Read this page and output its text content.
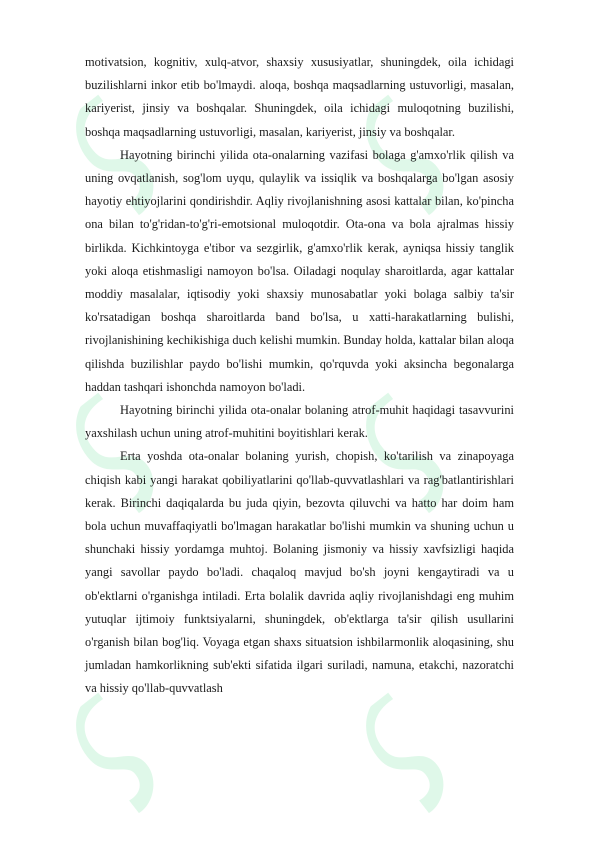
motivatsion, kognitiv, xulq-atvor, shaxsiy xususiyatlar, shuningdek, oila ichidagi buzilishlarni inkor etib bo'lmaydi. aloqa, boshqa maqsadlarning ustuvorligi, masalan, kariyerist, jinsiy va boshqalar. Shuningdek, oila ichidagi muloqotning buzilishi, boshqa maqsadlarning ustuvorligi, masalan, kariyerist, jinsiy va boshqalar.

Hayotning birinchi yilida ota-onalarning vazifasi bolaga g'amxo'rlik qilish va uning ovqatlanish, sog'lom uyqu, qulaylik va issiqlik va boshqalarga bo'lgan asosiy hayotiy ehtiyojlarini qondirishdir. Aqliy rivojlanishning asosi kattalar bilan, ko'pincha ona bilan to'g'ridan-to'g'ri-emotsional muloqotdir. Ota-ona va bola ajralmas hissiy birlikda. Kichkintoyga e'tibor va sezgirlik, g'amxo'rlik kerak, ayniqsa hissiy tanglik yoki aloqa etishmasligi namoyon bo'lsa. Oiladagi noqulay sharoitlarda, agar kattalar moddiy masalalar, iqtisodiy yoki shaxsiy munosabatlar yoki bolaga salbiy ta'sir ko'rsatadigan boshqa sharoitlarda band bo'lsa, u xatti-harakatlarning bulishi, rivojlanishining kechikishiga duch kelishi mumkin. Bunday holda, kattalar bilan aloqa qilishda buzilishlar paydo bo'lishi mumkin, qo'rquvda yoki aksincha begonalarga haddan tashqari ishonchda namoyon bo'ladi.

Hayotning birinchi yilida ota-onalar bolaning atrof-muhit haqidagi tasavvurini yaxshilash uchun uning atrof-muhitini boyitishlari kerak.

Erta yoshda ota-onalar bolaning yurish, chopish, ko'tarilish va zinapoyaga chiqish kabi yangi harakat qobiliyatlarini qo'llab-quvvatlashlari va rag'batlantirishlari kerak. Birinchi daqiqalarda bu juda qiyin, bezovta qiluvchi va hatto har doim ham bola uchun muvaffaqiyatli bo'lmagan harakatlar bo'lishi mumkin va shuning uchun u shunchaki hissiy yordamga muhtoj. Bolaning jismoniy va hissiy xavfsizligi haqida yangi savollar paydo bo'ladi. chaqaloq mavjud bo'sh joyni kengaytiradi va u ob'ektlarni o'rganishga intiladi. Erta bolalik davrida aqliy rivojlanishdagi eng muhim yutuqlar ijtimoiy funktsiyalarni, shuningdek, ob'ektlarga ta'sir qilish usullarini o'rganish bilan bog'liq. Voyaga etgan shaxs situatsion ishbilarmonlik aloqasining, shu jumladan hamkorlikning sub'ekti sifatida ilgari suriladi, namuna, etakchi, nazoratchi va hissiy qo'llab-quvvatlash
